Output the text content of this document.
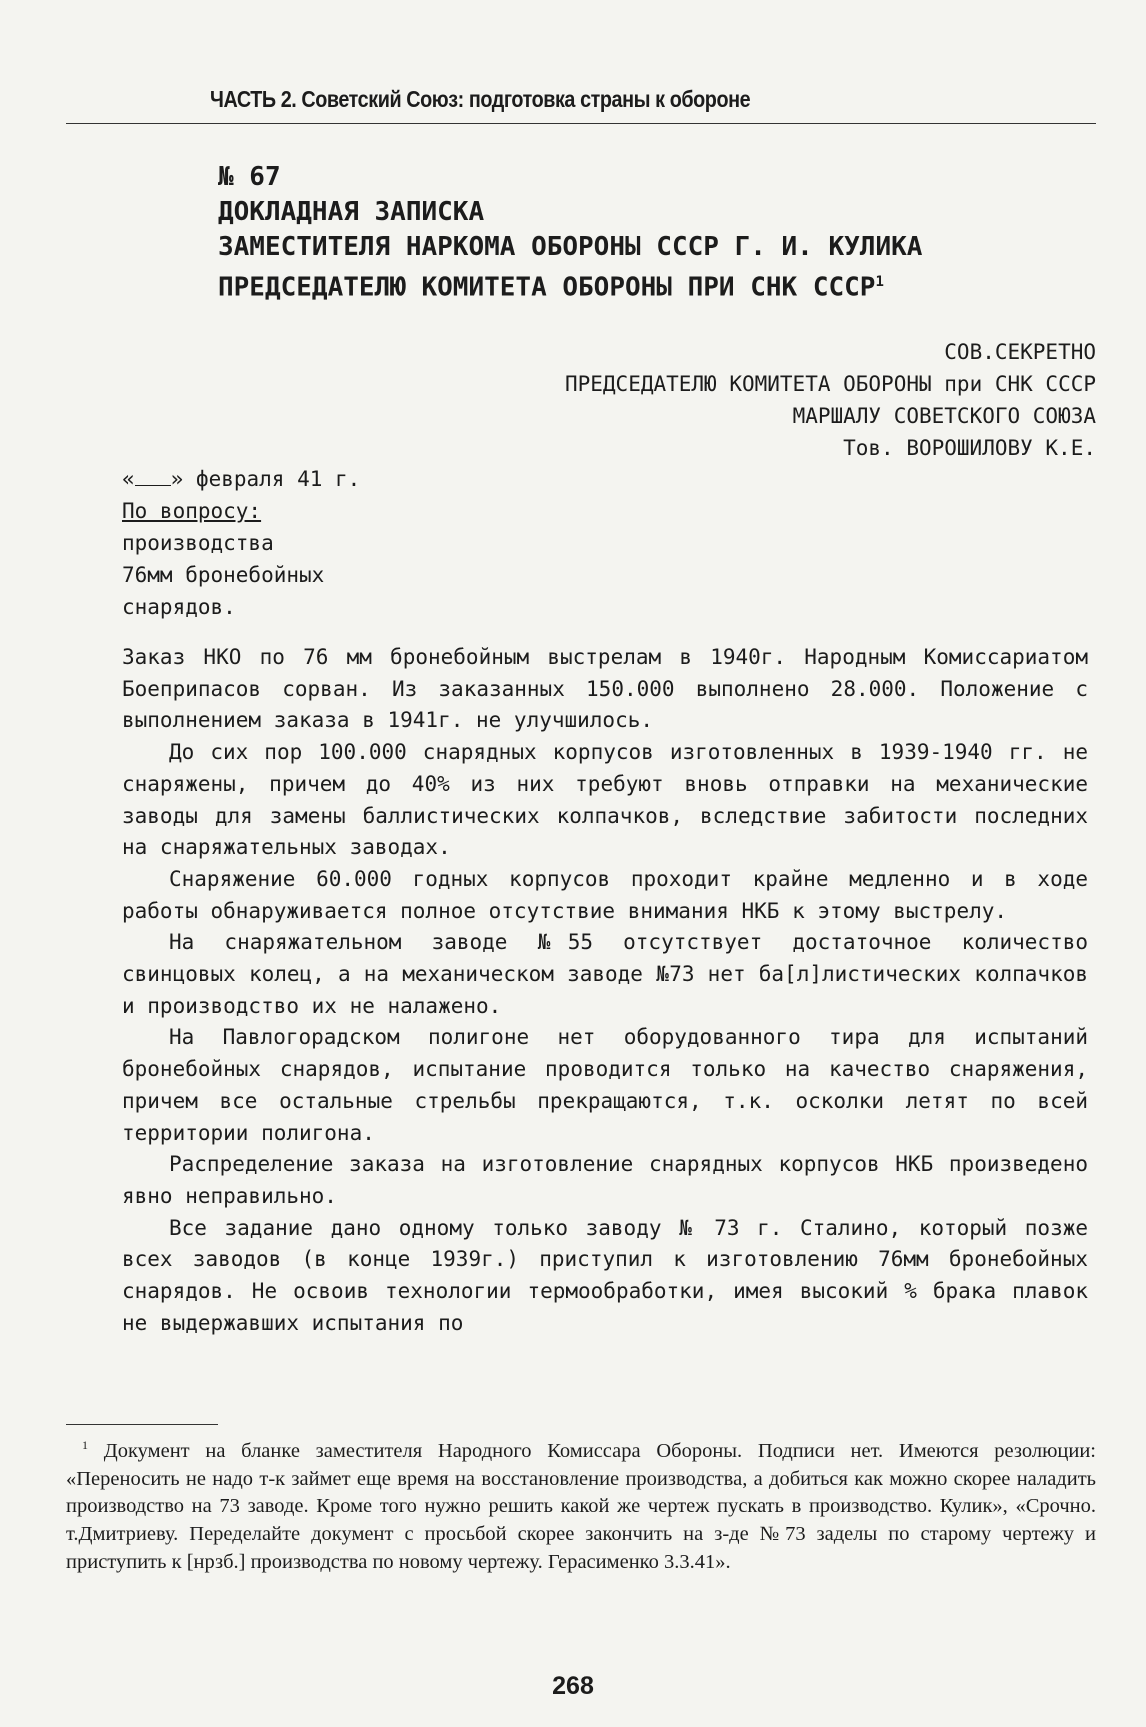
ЧАСТЬ 2. Советский Союз: подготовка страны к обороне
№ 67
ДОКЛАДНАЯ ЗАПИСКА
ЗАМЕСТИТЕЛЯ НАРКОМА ОБОРОНЫ СССР Г. И. КУЛИКА
ПРЕДСЕДАТЕЛЮ КОМИТЕТА ОБОРОНЫ ПРИ СНК СССР$^1$
СОВ.СЕКРЕТНО
ПРЕДСЕДАТЕЛЮ КОМИТЕТА ОБОРОНЫ при СНК СССР
МАРШАЛУ СОВЕТСКОГО СОЮЗА
Тов. ВОРОШИЛОВУ К.Е.
« » февраля 41 г.
По вопросу:
производства
76мм бронебойных
снарядов.

Заказ НКО по 76 мм бронебойным выстрелам в 1940г. Народным Комиссариатом Боеприпасов сорван. Из заказанных 150.000 выполнено 28.000. Положение с выполнением заказа в 1941г. не улучшилось.

До сих пор 100.000 снарядных корпусов изготовленных в 1939-1940 гг. не снаряжены, причем до 40% из них требуют вновь отправки на механические заводы для замены баллистических колпачков, вследствие забитости последних на снаряжательных заводах.

Снаряжение 60.000 годных корпусов проходит крайне медленно и в ходе работы обнаруживается полное отсутствие внимания НКБ к этому выстрелу.

На снаряжательном заводе №55 отсутствует достаточное количество свинцовых колец, а на механическом заводе №73 нет ба[л]листических колпачков и производство их не налажено.

На Павлогорадском полигоне нет оборудованного тира для испытаний бронебойных снарядов, испытание проводится только на качество снаряжения, причем все остальные стрельбы прекращаются, т.к. осколки летят по всей территории полигона.

Распределение заказа на изготовление снарядных корпусов НКБ произведено явно неправильно.

Все задание дано одному только заводу № 73 г. Сталино, который позже всех заводов (в конце 1939г.) приступил к изготовлению 76мм бронебойных снарядов. Не освоив технологии термообработки, имея высокий % брака плавок не выдержавших испытания по

$^1$ Документ на бланке заместителя Народного Комиссара Обороны. Подписи нет. Имеются резолюции: «Переносить не надо т-к займет еще время на восстановление производства, а добиться как можно скорее наладить производство на 73 заводе. Кроме того нужно решить какой же чертеж пускать в производство. Кулик», «Срочно. т.Дмитриеву. Переделайте документ с просьбой скорее закончить на з-де №73 заделы по старому чертежу и приступить к [нрзб.] производства по новому чертежу. Герасименко 3.3.41».
268
